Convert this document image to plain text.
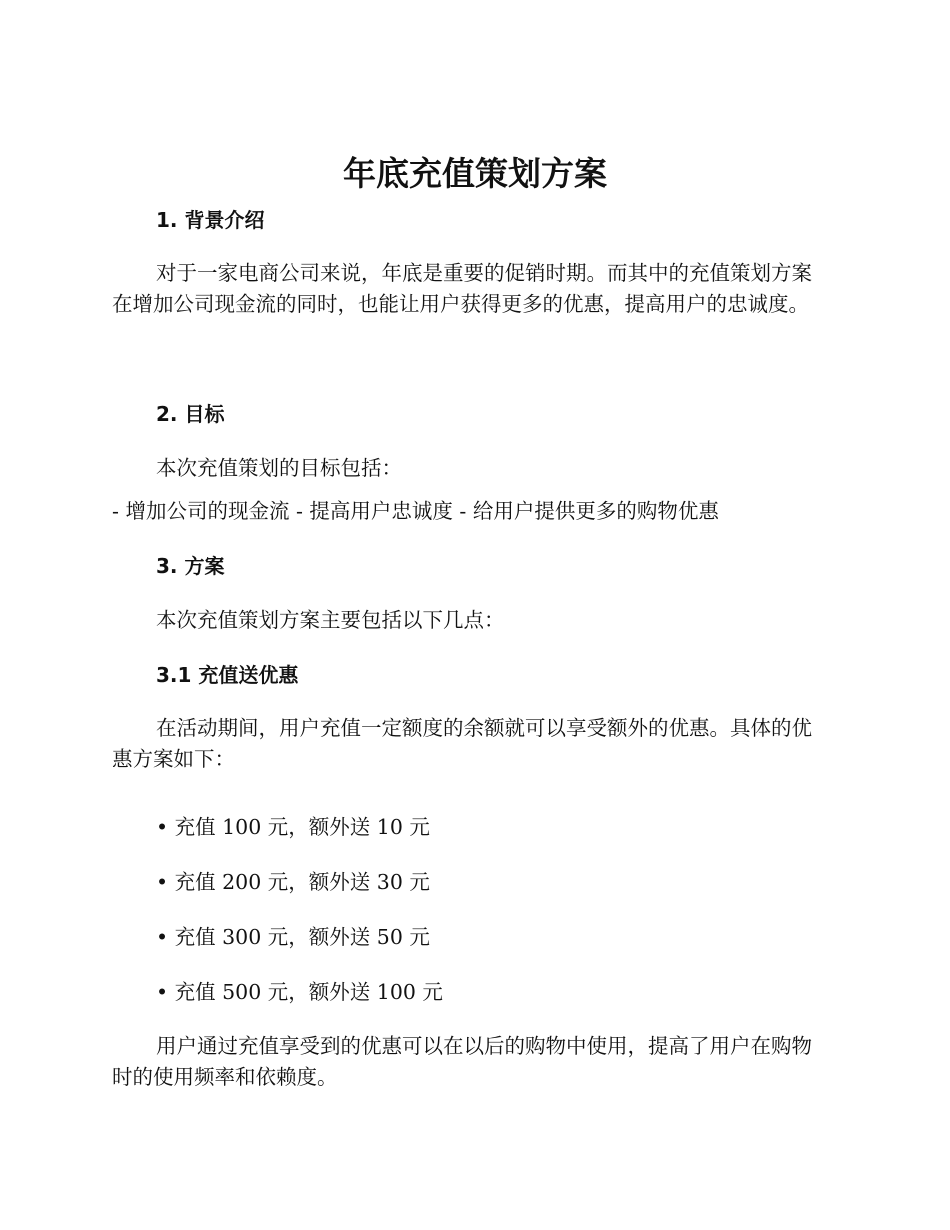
年底充值策划方案
1. 背景介绍

对于一家电商公司来说，年底是重要的促销时期。而其中的充值策划方案在增加公司现金流的同时，也能让用户获得更多的优惠，提高用户的忠诚度。

2. 目标

本次充值策划的目标包括：

- 增加公司的现金流 - 提高用户忠诚度 - 给用户提供更多的购物优惠

3. 方案

本次充值策划方案主要包括以下几点：

3.1 充值送优惠

在活动期间，用户充值一定额度的余额就可以享受额外的优惠。具体的优惠方案如下：

• 充值 100 元，额外送 10 元

• 充值 200 元，额外送 30 元

• 充值 300 元，额外送 50 元

• 充值 500 元，额外送 100 元

用户通过充值享受到的优惠可以在以后的购物中使用，提高了用户在购物时的使用频率和依赖度。
